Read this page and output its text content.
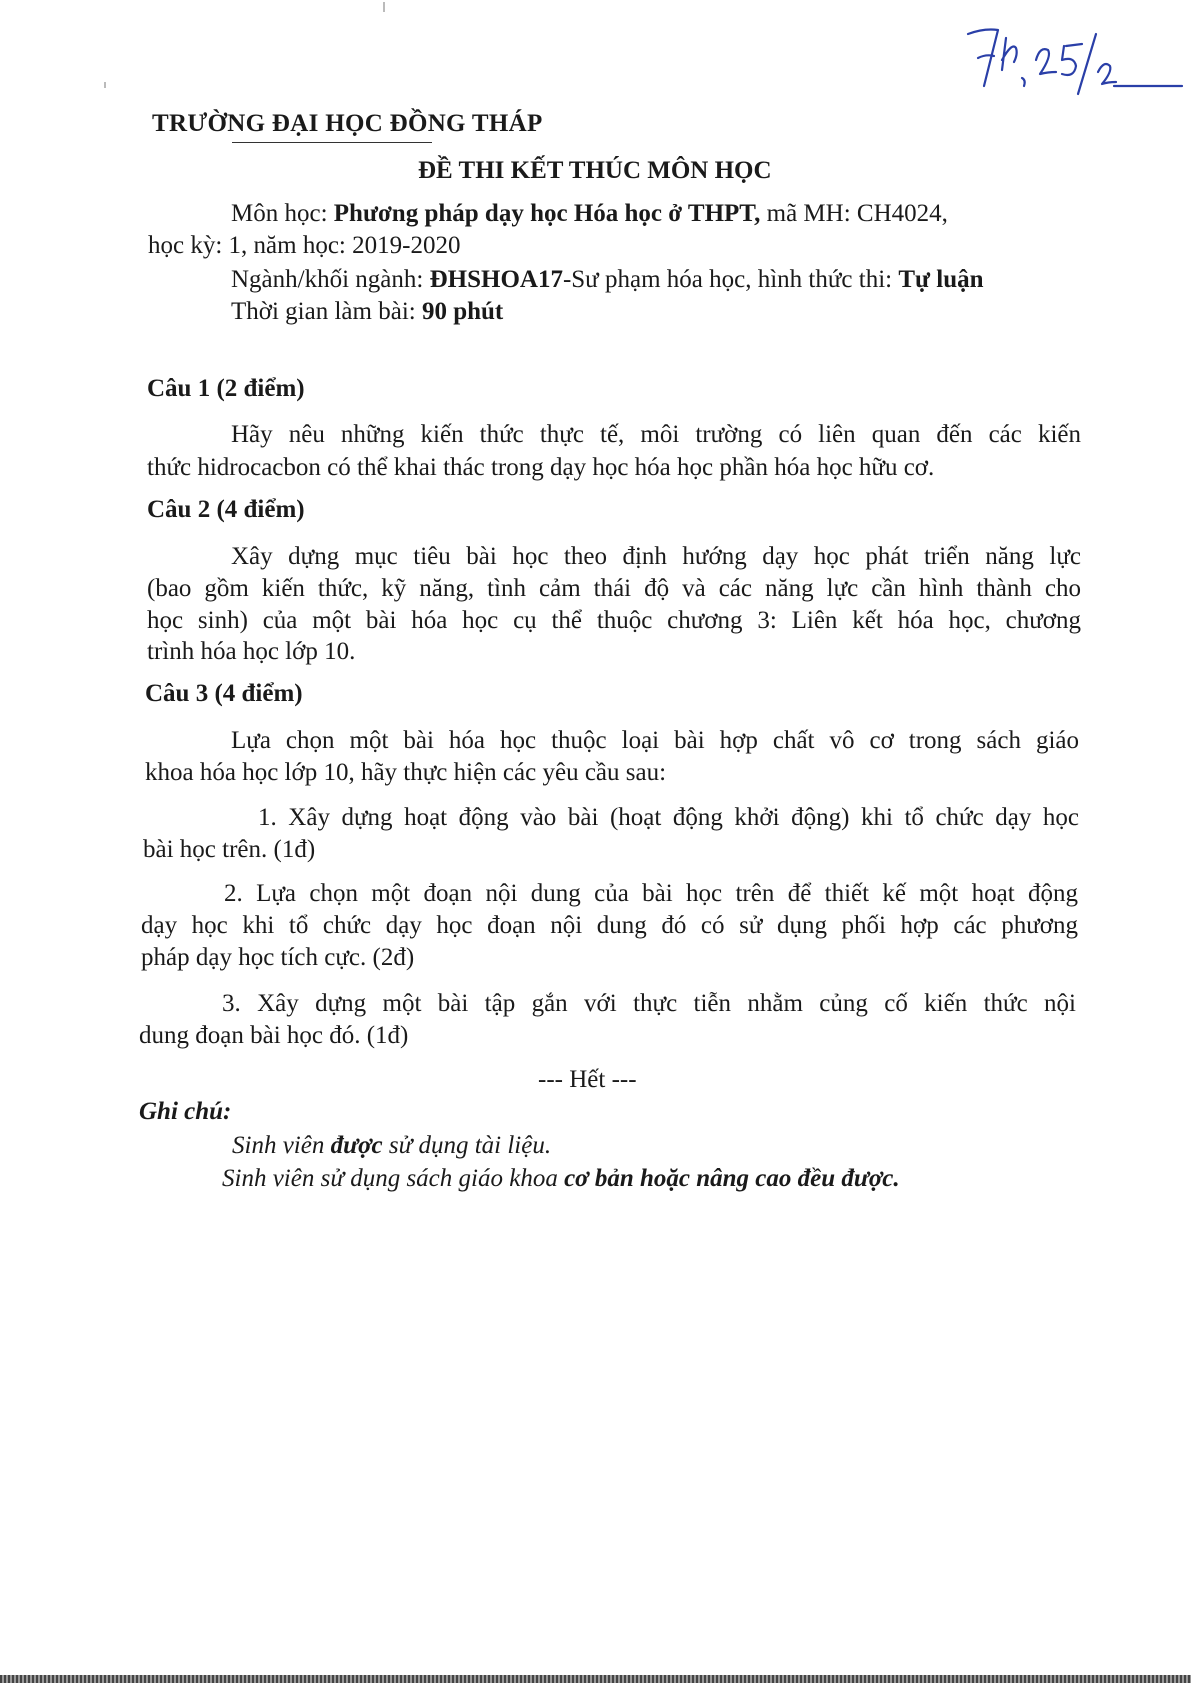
TRƯỜNG ĐẠI HỌC ĐỒNG THÁP
ĐỀ THI KẾT THÚC MÔN HỌC
Môn học: Phương pháp dạy học Hóa học ở THPT, mã MH: CH4024,
học kỳ: 1, năm học: 2019-2020
Ngành/khối ngành: ĐHSHOA17-Sư phạm hóa học, hình thức thi: Tự luận
Thời gian làm bài: 90 phút
Câu 1 (2 điểm)
Hãy nêu những kiến thức thực tế, môi trường có liên quan đến các kiến
thức hidrocacbon có thể khai thác trong dạy học hóa học phần hóa học hữu cơ.
Câu 2 (4 điểm)
Xây dựng mục tiêu bài học theo định hướng dạy học phát triển năng lực
(bao gồm kiến thức, kỹ năng, tình cảm thái độ và các năng lực cần hình thành cho
học sinh) của một bài hóa học cụ thể thuộc chương 3: Liên kết hóa học, chương
trình hóa học lớp 10.
Câu 3 (4 điểm)
Lựa chọn một bài hóa học thuộc loại bài hợp chất vô cơ trong sách giáo
khoa hóa học lớp 10, hãy thực hiện các yêu cầu sau:
1. Xây dựng hoạt động vào bài (hoạt động khởi động) khi tổ chức dạy học
bài học trên. (1đ)
2. Lựa chọn một đoạn nội dung của bài học trên để thiết kế một hoạt động
dạy học khi tổ chức dạy học đoạn nội dung đó có sử dụng phối hợp các phương
pháp dạy học tích cực. (2đ)
3. Xây dựng một bài tập gắn với thực tiễn nhằm củng cố kiến thức nội
dung đoạn bài học đó. (1đ)
--- Hết ---
Ghi chú:
Sinh viên được sử dụng tài liệu.
Sinh viên sử dụng sách giáo khoa cơ bản hoặc nâng cao đều được.
